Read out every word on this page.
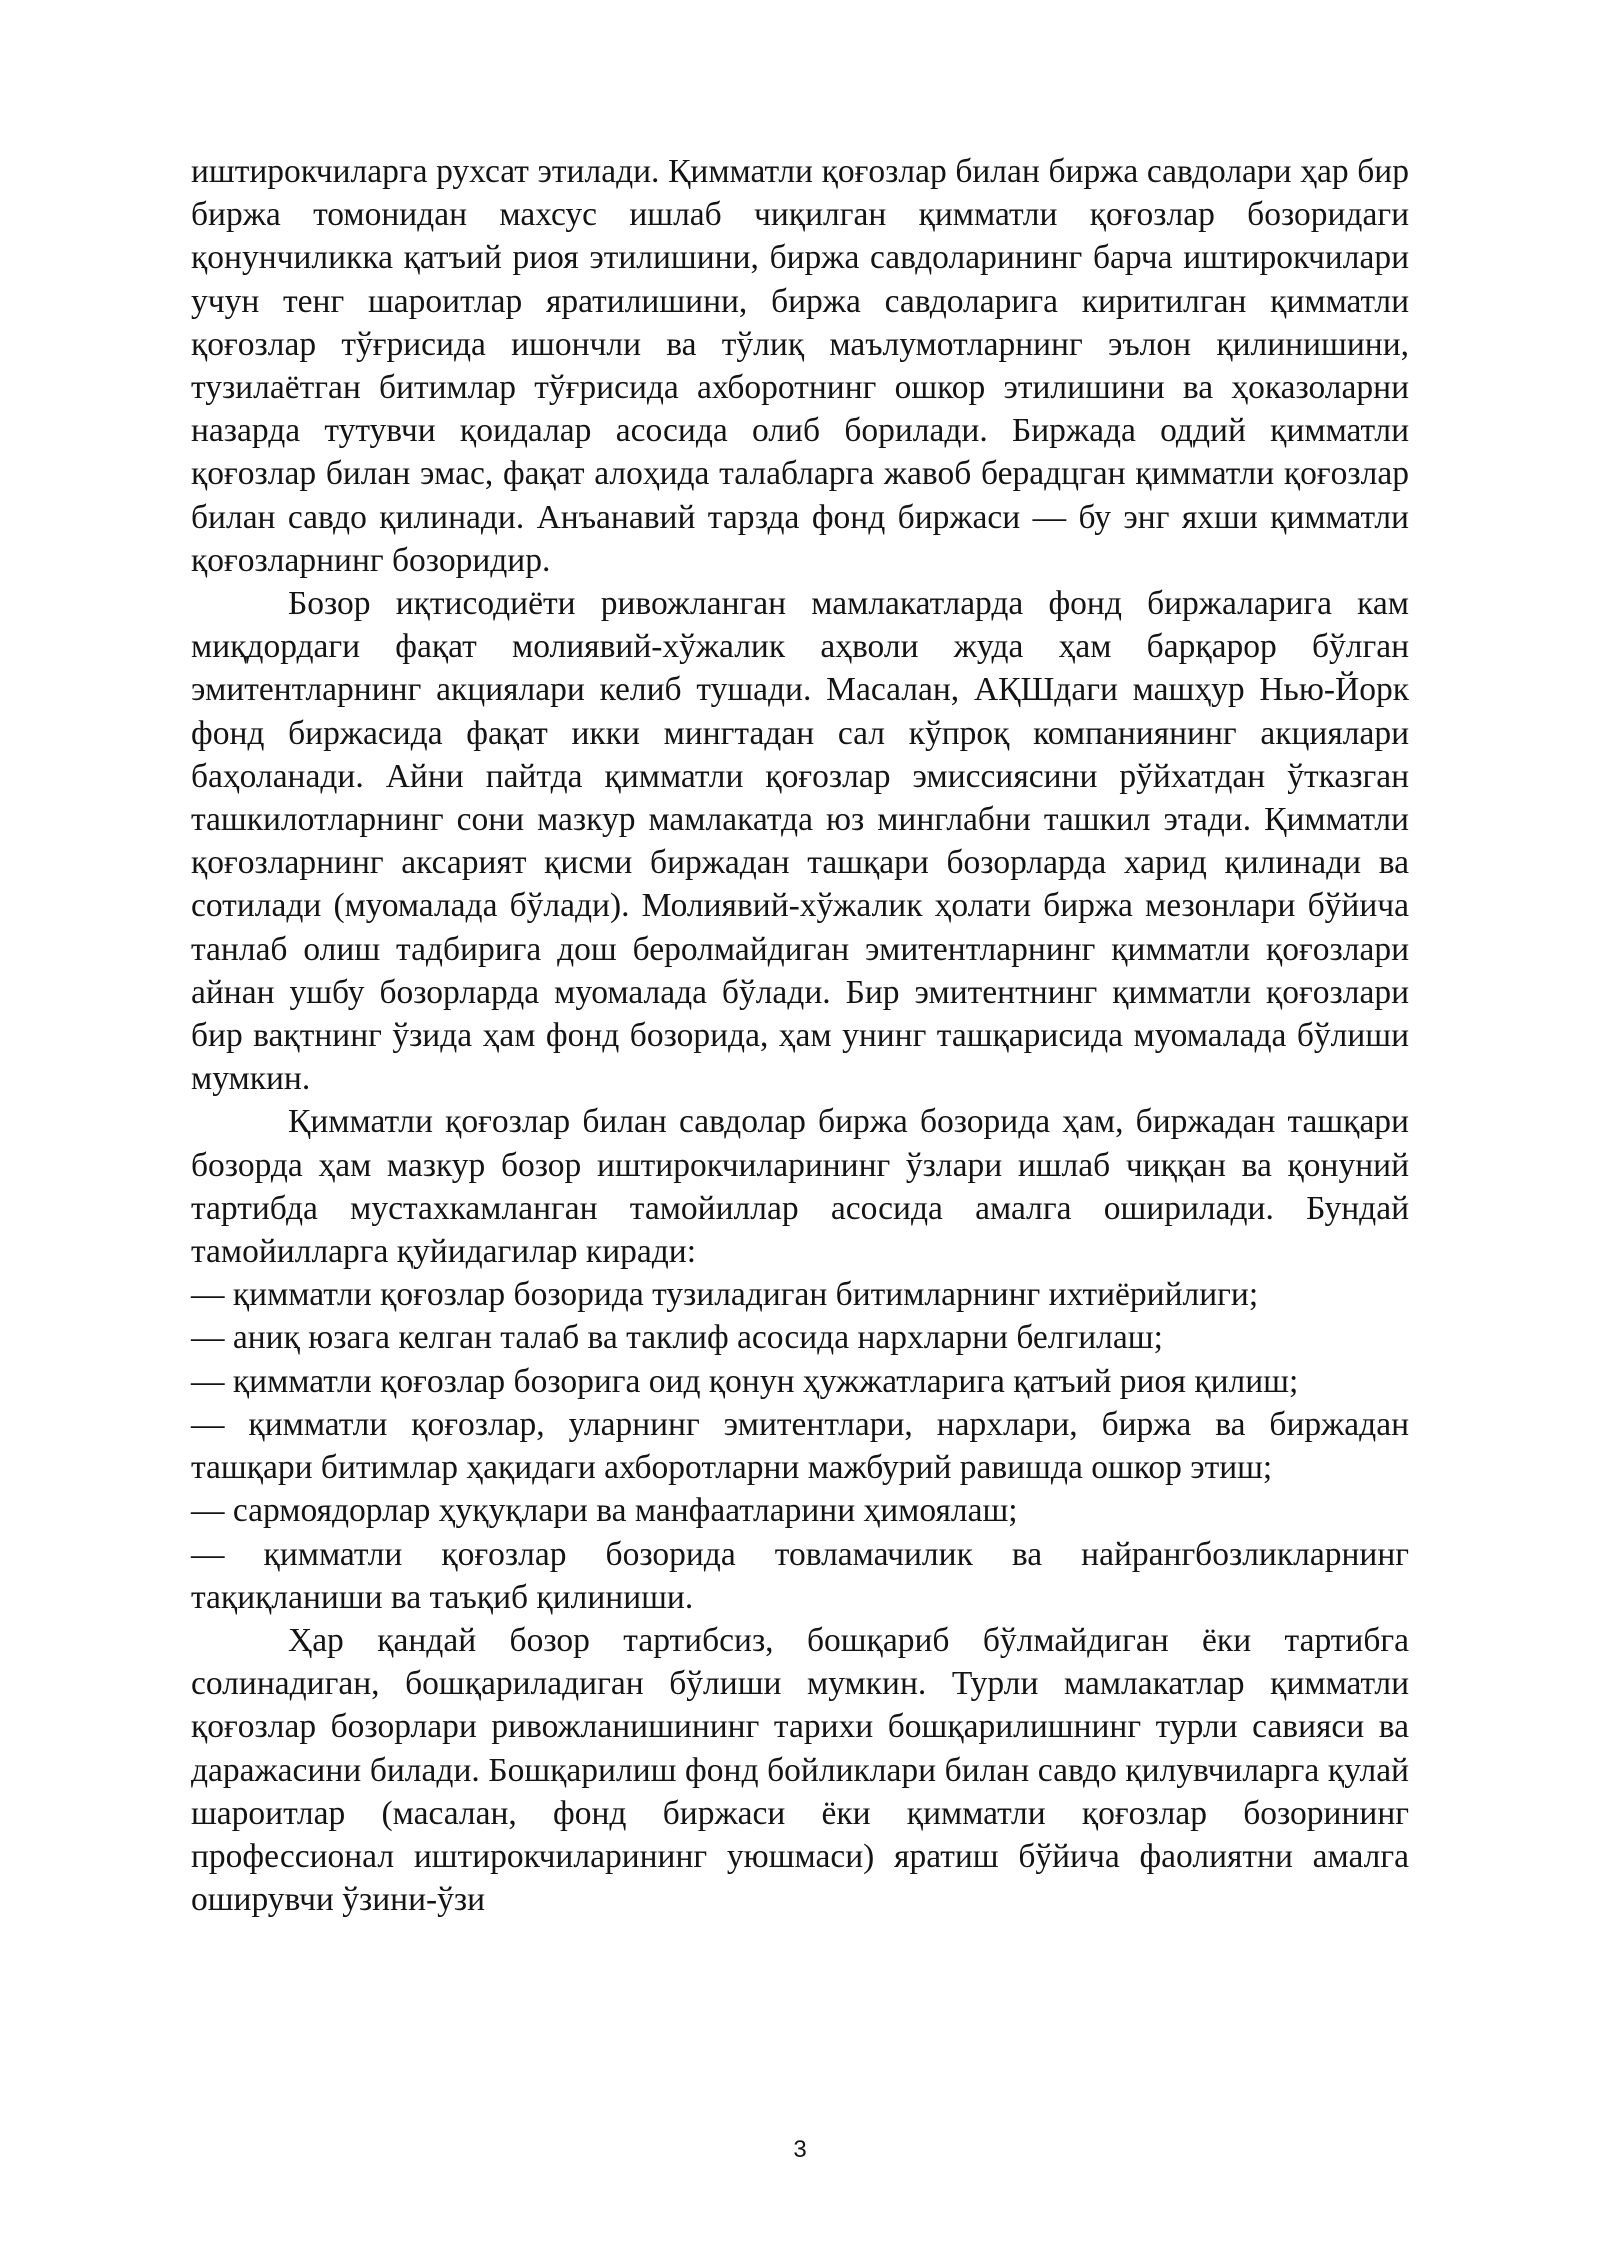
иштирокчиларга рухсат этилади. Қимматли қоғозлар билан биржа савдолари ҳар бир биржа томонидан махсус ишлаб чиқилган қимматли қоғозлар бозоридаги қонунчиликка қатъий риоя этилишини, биржа савдоларининг барча иштирокчилари учун тенг шароитлар яратилишини, биржа савдоларига киритилган қимматли қоғозлар тўғрисида ишончли ва тўлиқ маълумотларнинг эълон қилинишини, тузилаётган битимлар тўғрисида ахборотнинг ошкор этилишини ва ҳоказоларни назарда тутувчи қоидалар асосида олиб борилади. Биржада оддий қимматли қоғозлар билан эмас, фақат алоҳида талабларга жавоб берадцган қимматли қоғозлар билан савдо қилинади. Анъанавий тарзда фонд биржаси — бу энг яхши қимматли қоғозларнинг бозоридир.

Бозор иқтисодиёти ривожланган мамлакатларда фонд биржаларига кам миқдордаги фақат молиявий-хўжалик аҳволи жуда ҳам барқарор бўлган эмитентларнинг акциялари келиб тушади. Масалан, АҚШдаги машҳур Нью-Йорк фонд биржасида фақат икки мингтадан сал кўпроқ компаниянинг акциялари баҳоланади. Айни пайтда қимматли қоғозлар эмиссиясини рўйхатдан ўтказган ташкилотларнинг сони мазкур мамлакатда юз минглабни ташкил этади. Қимматли қоғозларнинг аксарият қисми биржадан ташқари бозорларда харид қилинади ва сотилади (муомалада бўлади). Молиявий-хўжалик ҳолати биржа мезонлари бўйича танлаб олиш тадбирига дош беролмайдиган эмитентларнинг қимматли қоғозлари айнан ушбу бозорларда муомалада бўлади. Бир эмитентнинг қимматли қоғозлари бир вақтнинг ўзида ҳам фонд бозорида, ҳам унинг ташқарисида муомалада бўлиши мумкин.

Қимматли қоғозлар билан савдолар биржа бозорида ҳам, биржадан ташқари бозорда ҳам мазкур бозор иштирокчиларининг ўзлари ишлаб чиққан ва қонуний тартибда мустахкамланган тамойиллар асосида амалга оширилади. Бундай тамойилларга қуйидагилар киради:

— қимматли қоғозлар бозорида тузиладиган битимларнинг ихтиёрийлиги;

— аниқ юзага келган талаб ва таклиф асосида нархларни белгилаш;

— қимматли қоғозлар бозорига оид қонун ҳужжатларига қатъий риоя қилиш;

— қимматли қоғозлар, уларнинг эмитентлари, нархлари, биржа ва биржадан ташқари битимлар ҳақидаги ахборотларни мажбурий равишда ошкор этиш;

— сармоядорлар ҳуқуқлари ва манфаатларини ҳимоялаш;

— қимматли қоғозлар бозорида товламачилик ва найрангбозликларнинг тақиқланиши ва таъқиб қилиниши.

Ҳар қандай бозор тартибсиз, бошқариб бўлмайдиган ёки тартибга солинадиган, бошқариладиган бўлиши мумкин. Турли мамлакатлар қимматли қоғозлар бозорлари ривожланишининг тарихи бошқарилишнинг турли савияси ва даражасини билади. Бошқарилиш фонд бойликлари билан савдо қилувчиларга қулай шароитлар (масалан, фонд биржаси ёки қимматли қоғозлар бозорининг профессионал иштирокчиларининг уюшмаси) яратиш бўйича фаолиятни амалга оширувчи ўзини-ўзи

3
